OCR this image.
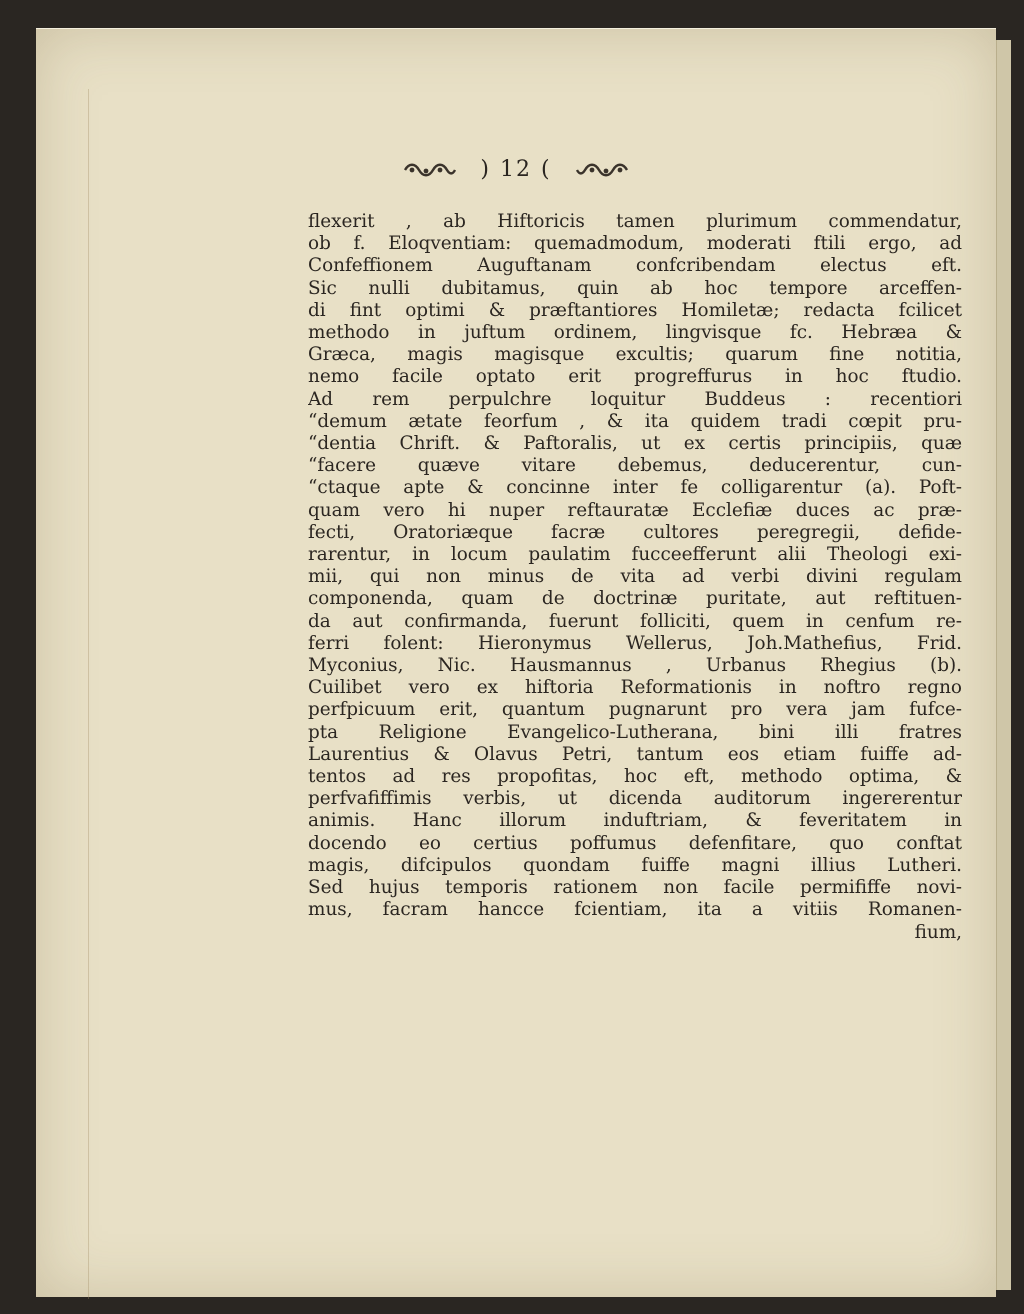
) 12 (
flexerit , ab Hiftoricis tamen plurimum commendatur,
ob f. Eloqventiam: quemadmodum, moderati ftili ergo, ad
Confeffionem Auguftanam confcribendam electus eft.
Sic nulli dubitamus, quin ab hoc tempore arceffen-
di fint optimi & præftantiores Homiletæ; redacta fcilicet
methodo in juftum ordinem, lingvisque fc. Hebræa &
Græca, magis magisque excultis; quarum fine notitia,
nemo facile optato erit progreffurus in hoc ftudio.
Ad rem perpulchre loquitur Buddeus : recentiori
“demum ætate feorfum , & ita quidem tradi cœpit pru-
“dentia Chrift. & Paftoralis, ut ex certis principiis, quæ
“facere quæve vitare debemus, deducerentur, cun-
“ctaque apte & concinne inter fe colligarentur (a). Poft-
quam vero hi nuper reftauratæ Ecclefiæ duces ac præ-
fecti, Oratoriæque facræ cultores peregregii, defide-
rarentur, in locum paulatim fucceefferunt alii Theologi exi-
mii, qui non minus de vita ad verbi divini regulam
componenda, quam de doctrinæ puritate, aut reftituen-
da aut confirmanda, fuerunt folliciti, quem in cenfum re-
ferri folent: Hieronymus Wellerus, Joh.Mathefius, Frid.
Myconius, Nic. Hausmannus , Urbanus Rhegius (b).
Cuilibet vero ex hiftoria Reformationis in noftro regno
perfpicuum erit, quantum pugnarunt pro vera jam fufce-
pta Religione Evangelico-Lutherana, bini illi fratres
Laurentius & Olavus Petri, tantum eos etiam fuiffe ad-
tentos ad res propofitas, hoc eft, methodo optima, &
perfvafiffimis verbis, ut dicenda auditorum ingererentur
animis. Hanc illorum induftriam, & feveritatem in
docendo eo certius poffumus defenfitare, quo conftat
magis, difcipulos quondam fuiffe magni illius Lutheri.
Sed hujus temporis rationem non facile permififfe novi-
mus, facram hancce fcientiam, ita a vitiis Romanen-
fium,
